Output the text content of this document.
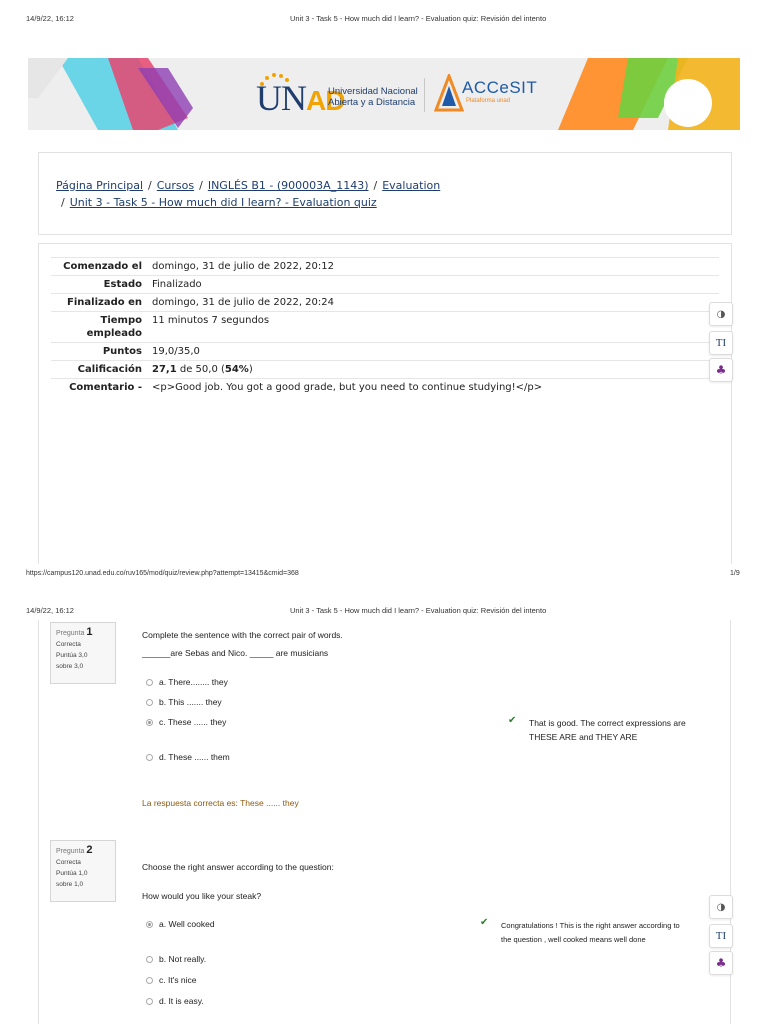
14/9/22, 16:12	Unit 3 - Task 5 - How much did I learn? - Evaluation quiz: Revisión del intento
UNAD
Universidad Nacional
Abierta y a Distancia
ACCeSIT
Plataforma unad
Página Principal / Cursos / INGLÉS B1 - (900003A_1143) / Evaluation
/ Unit 3 - Task 5 - How much did I learn? - Evaluation quiz
Comenzado el	domingo, 31 de julio de 2022, 20:12
Estado	Finalizado
Finalizado en	domingo, 31 de julio de 2022, 20:24
Tiempo empleado	11 minutos 7 segundos
Puntos	19,0/35,0
Calificación	27,1 de 50,0 (54%)
Comentario -	<p>Good job. You got a good grade, but you need to continue studying!</p>
◑
TI
♣
https://campus120.unad.edu.co/ruv165/mod/quiz/review.php?attempt=13415&cmid=368	1/9
14/9/22, 16:12	Unit 3 - Task 5 - How much did I learn? - Evaluation quiz: Revisión del intento
Pregunta 1
Correcta
Puntúa 3,0
sobre 3,0
Complete the sentence with the correct pair of words.
______are Sebas and Nico. _____ are musicians
a. There........ they
b. This ....... they
c. These ...... they
d. These ...... them
✔ That is good. The correct expressions are
THESE ARE and THEY ARE
La respuesta correcta es: These ...... they
Pregunta 2
Correcta
Puntúa 1,0
sobre 1,0
Choose the right answer according to the question:
How would you like your steak?
a. Well cooked
b. Not really.
c. It's nice
d. It is easy.
✔ Congratulations ! This is the right answer according to
the question , well cooked means well done
◑
TI
♣
